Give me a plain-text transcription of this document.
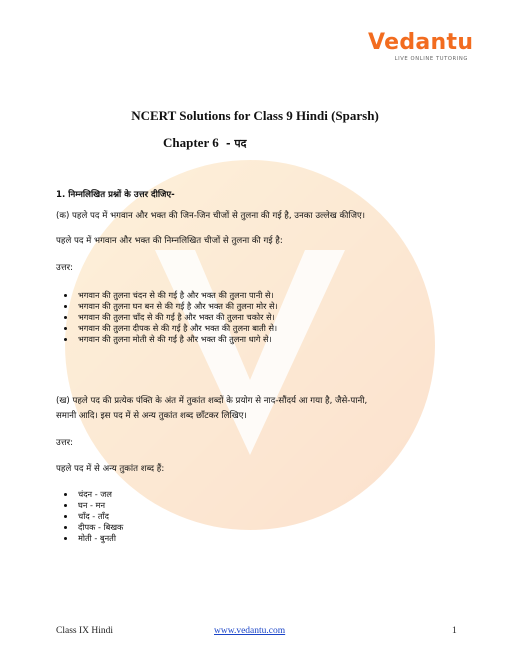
Vedantu
LIVE ONLINE TUTORING
NCERT Solutions for Class 9 Hindi (Sparsh)
Chapter 6 - पद
1. निम्नलिखित प्रश्नों के उत्तर दीजिए-
(क) पहले पद में भगवान और भक्त की जिन-जिन चीजों से तुलना की गई है, उनका उल्लेख कीजिए।
पहले पद में भगवान और भक्त की निम्नलिखित चीजों से तुलना की गई है:
उत्तर:
• भगवान की तुलना चंदन से की गई है और भक्त की तुलना पानी से।
• भगवान की तुलना घन बन से की गई है और भक्त की तुलना मोर से।
• भगवान की तुलना चाँद से की गई है और भक्त की तुलना चकोर से।
• भगवान की तुलना दीपक से की गई है और भक्त की तुलना बाती से।
• भगवान की तुलना मोती से की गई है और भक्त की तुलना धागे से।
(ख) पहले पद की प्रत्येक पंक्ति के अंत में तुकांत शब्दों के प्रयोग से नाद-सौंदर्य आ गया है, जैसे-पानी,
समानी आदि। इस पद में से अन्य तुकांत शब्द छाँटकर लिखिए।
उत्तर:
पहले पद में से अन्य तुकांत शब्द हैं:
• चंदन - जल
• घन - मन
• चाँद - ताँद
• दीपक - बिखक
• मोती - बुनती
Class IX Hindi	www.vedantu.com	1
